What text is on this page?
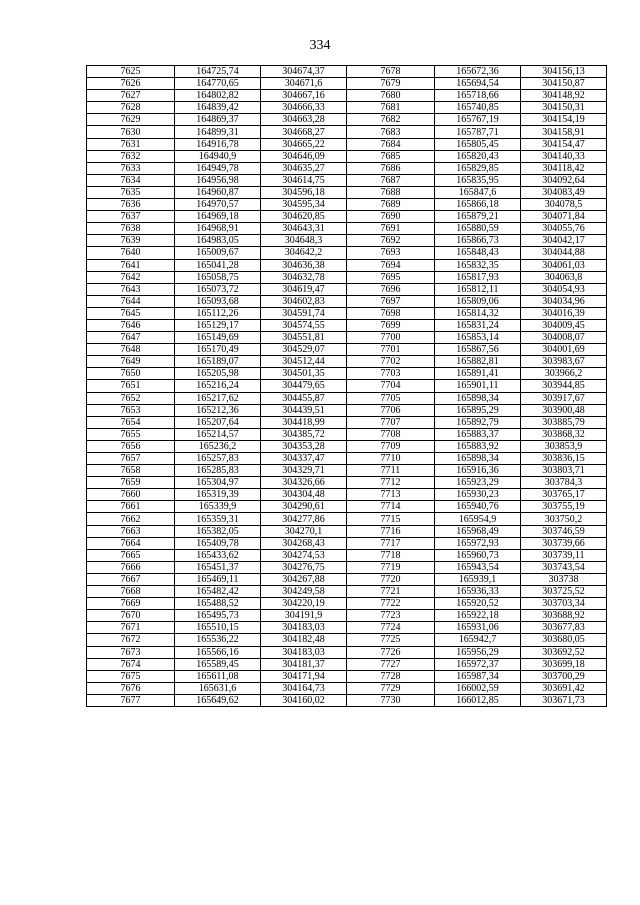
334
7625	164725,74	304674,37	7678	165672,36	304156,13
7626	164770,65	304671,6	7679	165694,54	304150,87
7627	164802,82	304667,16	7680	165718,66	304148,92
7628	164839,42	304666,33	7681	165740,85	304150,31
7629	164869,37	304663,28	7682	165767,19	304154,19
7630	164899,31	304668,27	7683	165787,71	304158,91
7631	164916,78	304665,22	7684	165805,45	304154,47
7632	164940,9	304646,09	7685	165820,43	304140,33
7633	164949,78	304635,27	7686	165829,85	304118,42
7634	164956,98	304614,75	7687	165835,95	304092,64
7635	164960,87	304596,18	7688	165847,6	304083,49
7636	164970,57	304595,34	7689	165866,18	304078,5
7637	164969,18	304620,85	7690	165879,21	304071,84
7638	164968,91	304643,31	7691	165880,59	304055,76
7639	164983,05	304648,3	7692	165866,73	304042,17
7640	165009,67	304642,2	7693	165848,43	304044,88
7641	165041,28	304636,38	7694	165832,35	304061,03
7642	165058,75	304632,78	7695	165817,93	304063,8
7643	165073,72	304619,47	7696	165812,11	304054,93
7644	165093,68	304602,83	7697	165809,06	304034,96
7645	165112,26	304591,74	7698	165814,32	304016,39
7646	165129,17	304574,55	7699	165831,24	304009,45
7647	165149,69	304551,81	7700	165853,14	304008,07
7648	165170,49	304529,07	7701	165867,56	304001,69
7649	165189,07	304512,44	7702	165882,81	303983,67
7650	165205,98	304501,35	7703	165891,41	303966,2
7651	165216,24	304479,65	7704	165901,11	303944,85
7652	165217,62	304455,87	7705	165898,34	303917,67
7653	165212,36	304439,51	7706	165895,29	303900,48
7654	165207,64	304418,99	7707	165892,79	303885,79
7655	165214,57	304385,72	7708	165883,37	303868,32
7656	165236,2	304353,28	7709	165883,92	303853,9
7657	165257,83	304337,47	7710	165898,34	303836,15
7658	165285,83	304329,71	7711	165916,36	303803,71
7659	165304,97	304326,66	7712	165923,29	303784,3
7660	165319,39	304304,48	7713	165930,23	303765,17
7661	165339,9	304290,61	7714	165940,76	303755,19
7662	165359,31	304277,86	7715	165954,9	303750,2
7663	165382,05	304270,1	7716	165968,49	303746,59
7664	165409,78	304268,43	7717	165972,93	303739,66
7665	165433,62	304274,53	7718	165960,73	303739,11
7666	165451,37	304276,75	7719	165943,54	303743,54
7667	165469,11	304267,88	7720	165939,1	303738
7668	165482,42	304249,58	7721	165936,33	303725,52
7669	165488,52	304220,19	7722	165920,52	303703,34
7670	165495,73	304191,9	7723	165922,18	303688,92
7671	165510,15	304183,03	7724	165931,06	303677,83
7672	165536,22	304182,48	7725	165942,7	303680,05
7673	165566,16	304183,03	7726	165956,29	303692,52
7674	165589,45	304181,37	7727	165972,37	303699,18
7675	165611,08	304171,94	7728	165987,34	303700,29
7676	165631,6	304164,73	7729	166002,59	303691,42
7677	165649,62	304160,02	7730	166012,85	303671,73
